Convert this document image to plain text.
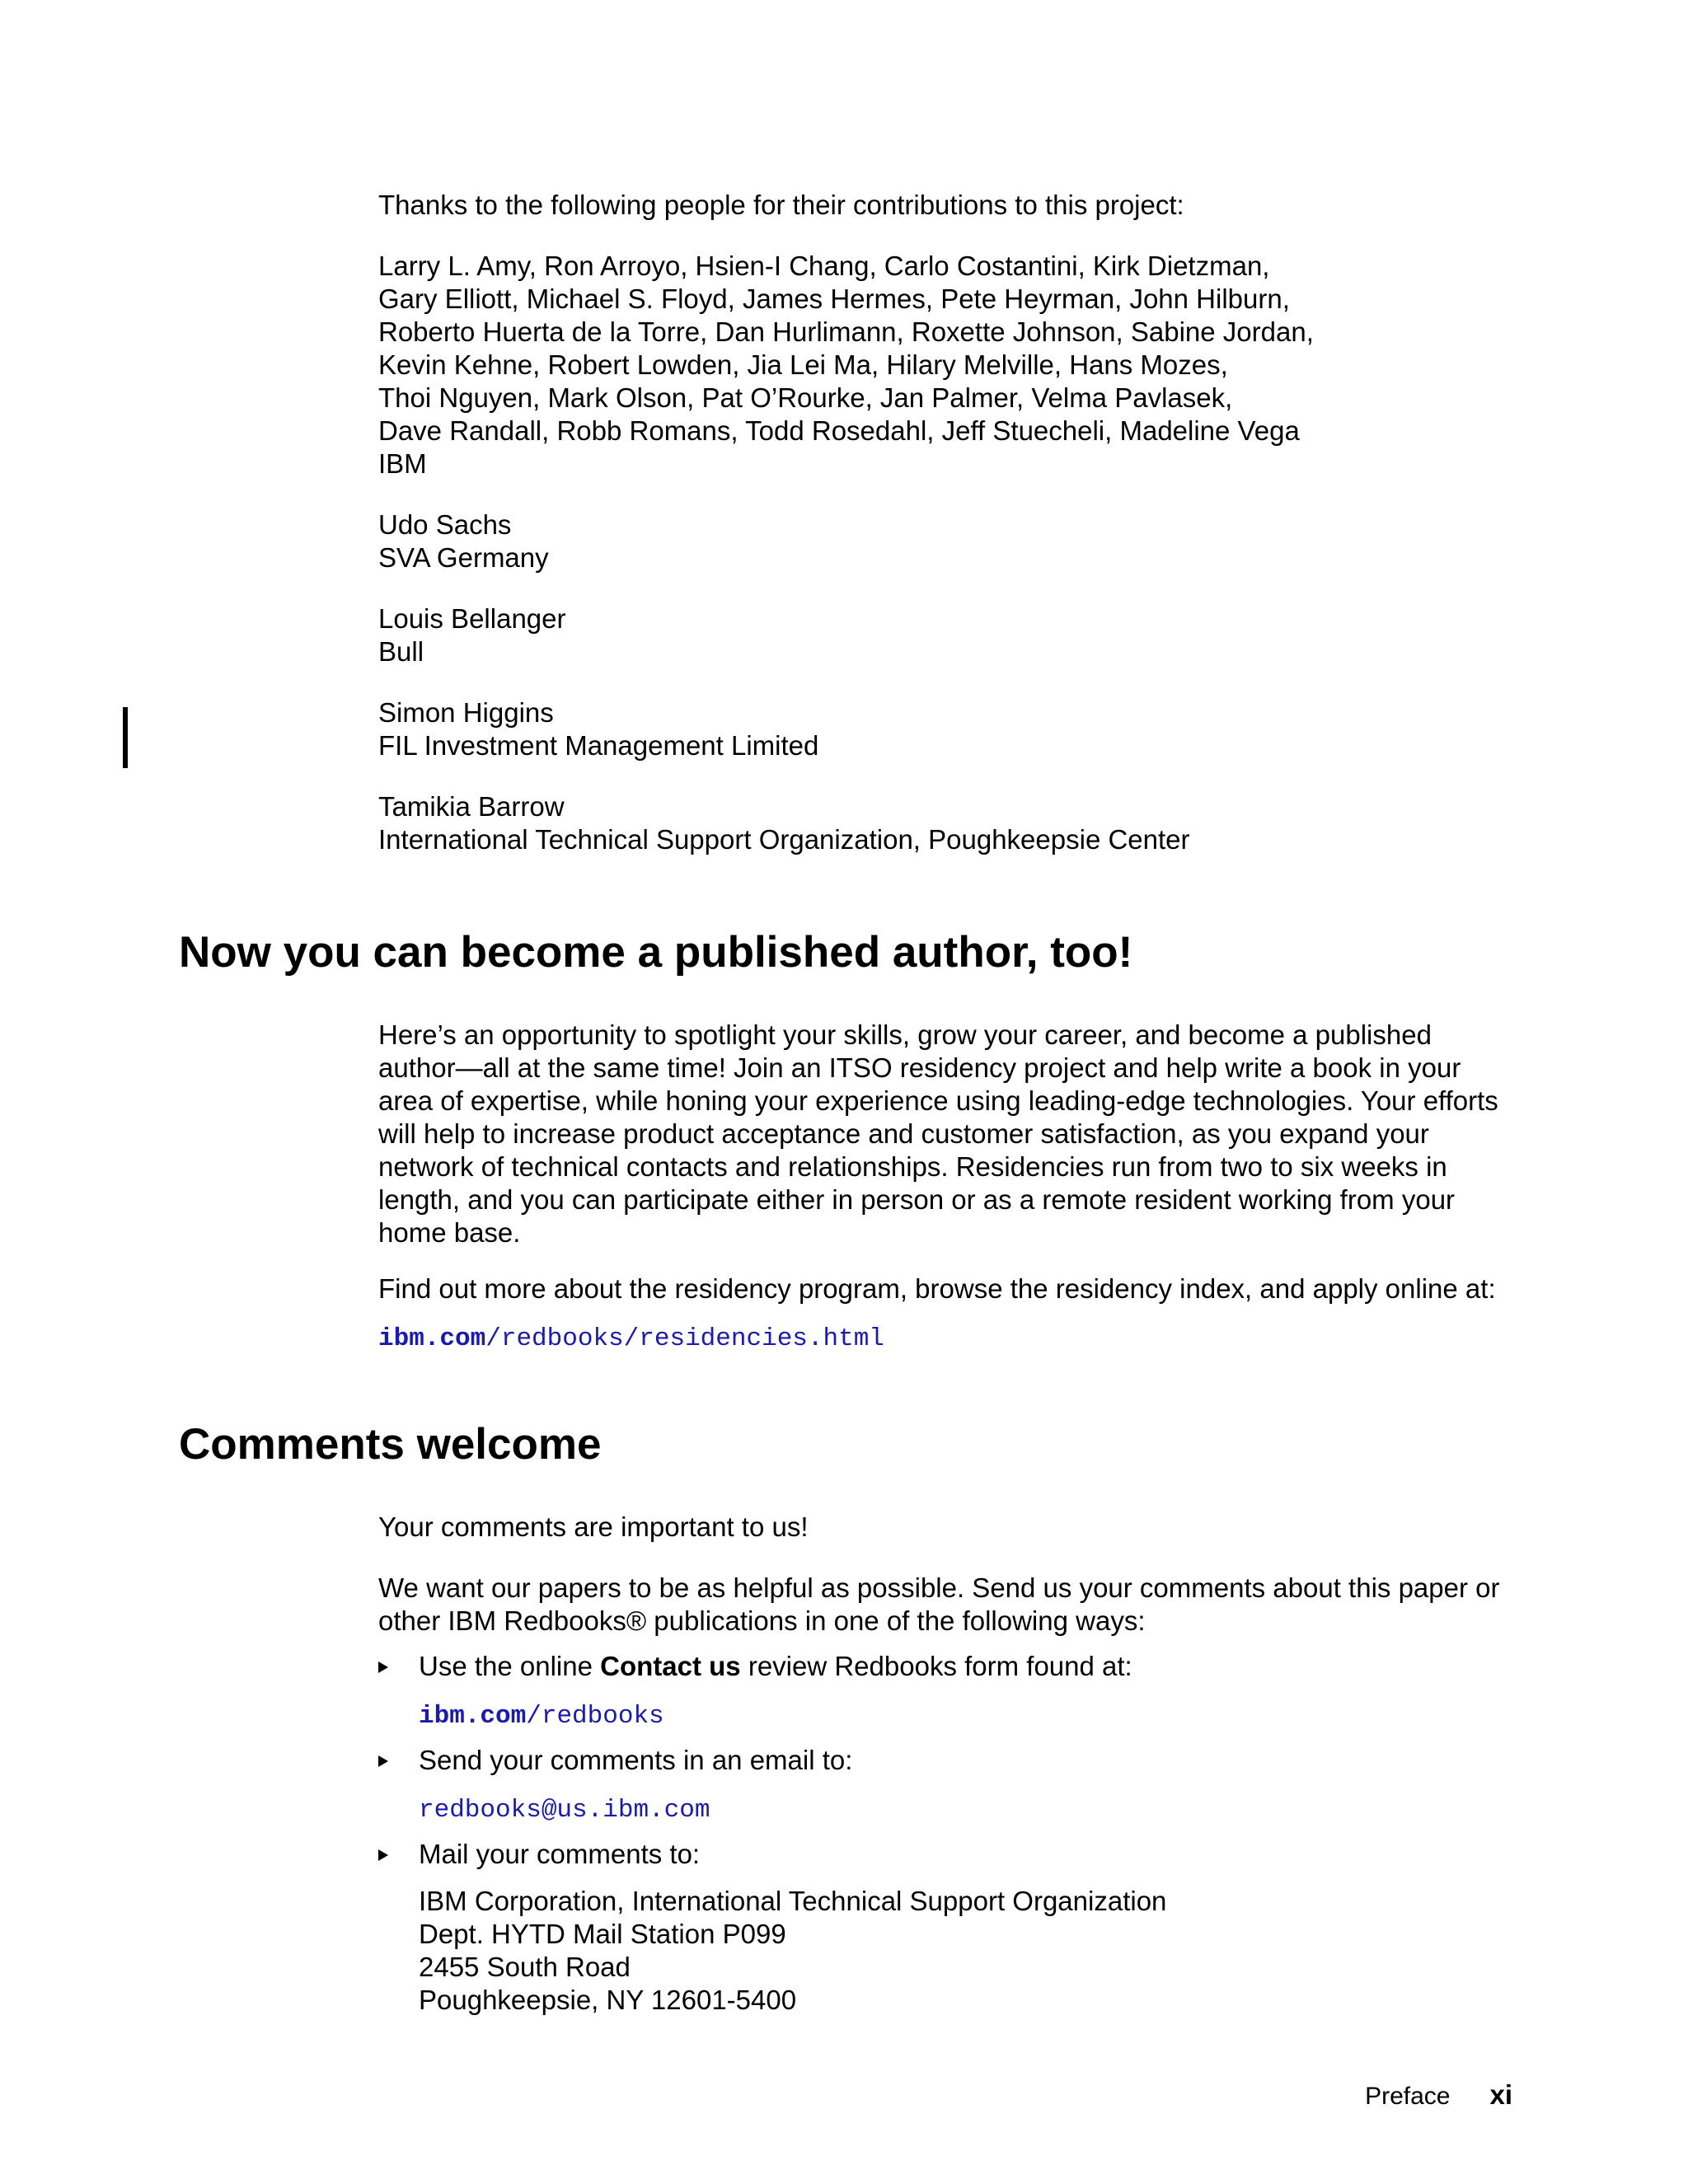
Thanks to the following people for their contributions to this project:

Larry L. Amy, Ron Arroyo, Hsien-I Chang, Carlo Costantini, Kirk Dietzman,
Gary Elliott, Michael S. Floyd, James Hermes, Pete Heyrman, John Hilburn,
Roberto Huerta de la Torre, Dan Hurlimann, Roxette Johnson, Sabine Jordan,
Kevin Kehne, Robert Lowden, Jia Lei Ma, Hilary Melville, Hans Mozes,
Thoi Nguyen, Mark Olson, Pat O’Rourke, Jan Palmer, Velma Pavlasek,
Dave Randall, Robb Romans, Todd Rosedahl, Jeff Stuecheli, Madeline Vega
IBM
Udo Sachs
SVA Germany
Louis Bellanger
Bull
Simon Higgins
FIL Investment Management Limited
Tamikia Barrow
International Technical Support Organization, Poughkeepsie Center
Now you can become a published author, too!
Here’s an opportunity to spotlight your skills, grow your career, and become a published
author—all at the same time! Join an ITSO residency project and help write a book in your
area of expertise, while honing your experience using leading-edge technologies. Your efforts
will help to increase product acceptance and customer satisfaction, as you expand your
network of technical contacts and relationships. Residencies run from two to six weeks in
length, and you can participate either in person or as a remote resident working from your
home base.
Find out more about the residency program, browse the residency index, and apply online at:
ibm.com/redbooks/residencies.html
Comments welcome
Your comments are important to us!
We want our papers to be as helpful as possible. Send us your comments about this paper or
other IBM Redbooks® publications in one of the following ways:
Use the online Contact us review Redbooks form found at:
ibm.com/redbooks
Send your comments in an email to:
redbooks@us.ibm.com
Mail your comments to:
IBM Corporation, International Technical Support Organization
Dept. HYTD Mail Station P099
2455 South Road
Poughkeepsie, NY 12601-5400
Preface xi
